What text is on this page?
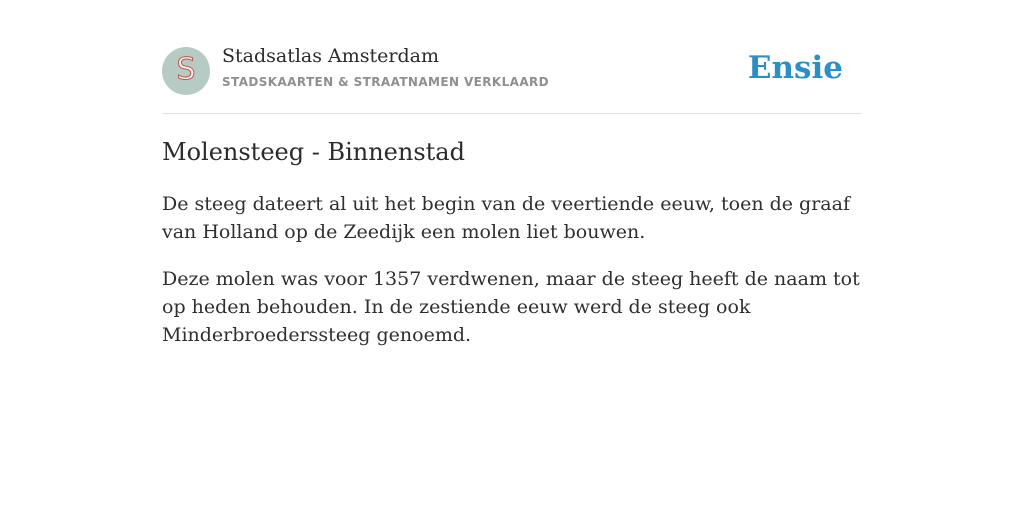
S Stadsatlas Amsterdam
STADSKAARTEN & STRAATNAMEN VERKLAARD	Ensie
Molensteeg - Binnenstad

De steeg dateert al uit het begin van de veertiende eeuw, toen de graaf van Holland op de Zeedijk een molen liet bouwen.

Deze molen was voor 1357 verdwenen, maar de steeg heeft de naam tot op heden behouden. In de zestiende eeuw werd de steeg ook Minderbroederssteeg genoemd.
